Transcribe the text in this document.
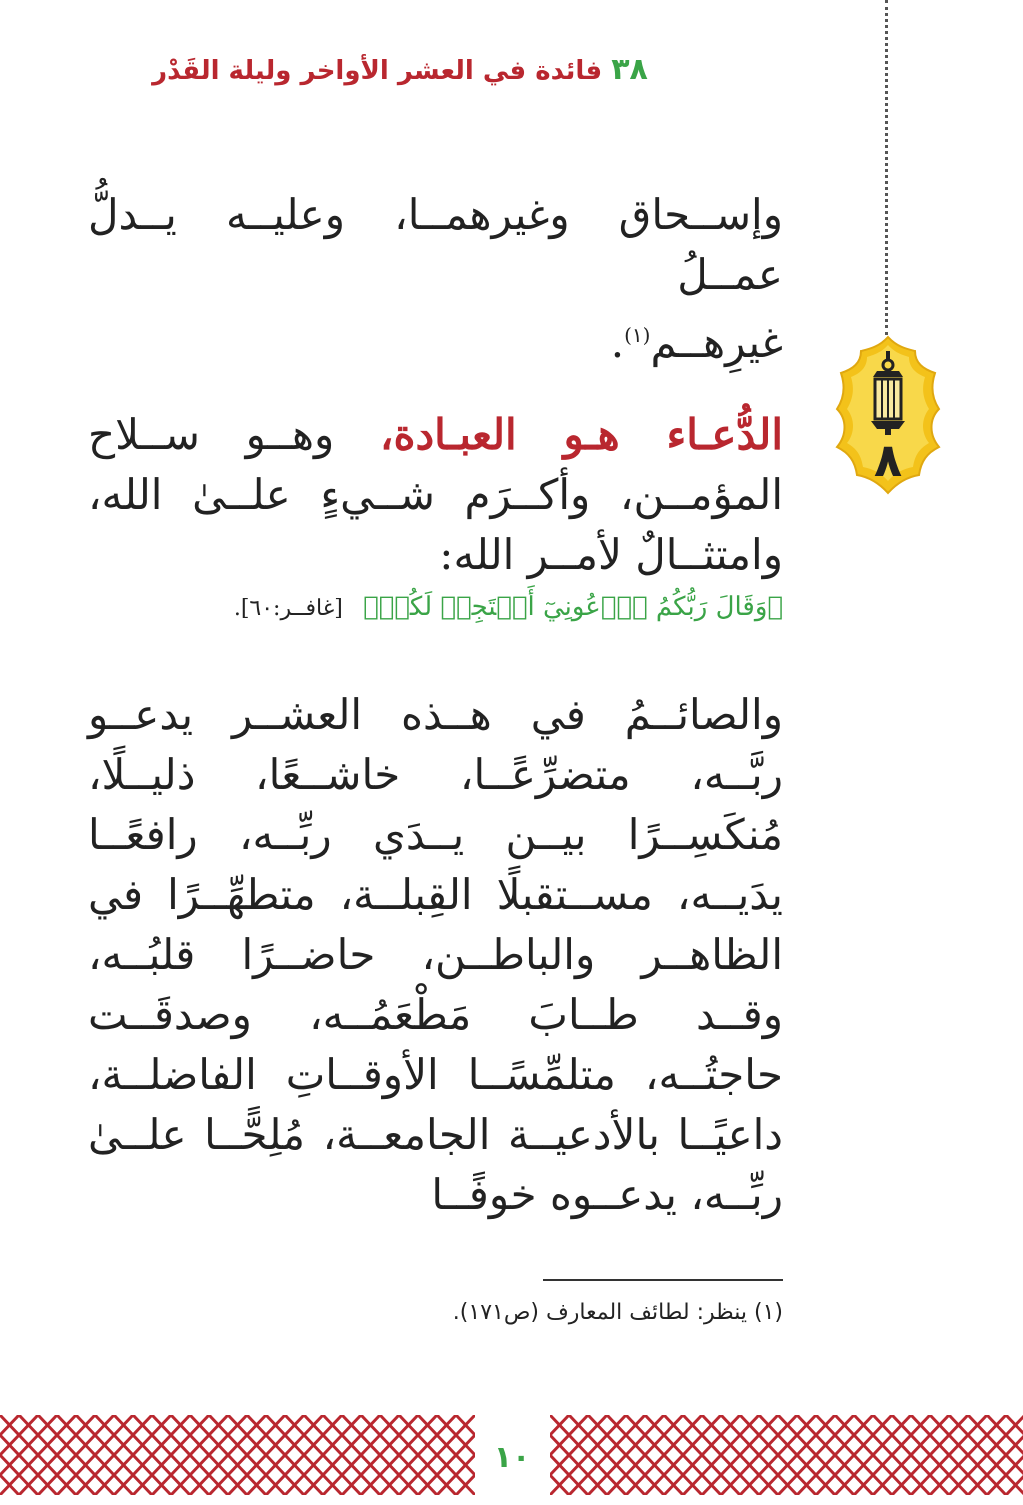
٣٨ فائدة في العشر الأواخر وليلة القَدْر
٨
وإســحاق وغيرهمــا، وعليــه يــدلُّ عمــلُ
غيرِهــم$^{(١)}$.
الدُّعـاء هـو العبـادة، وهــو ســلاح المؤمــن، وأكــرَم شــيءٍ علــىٰ الله، وامتثــالٌ لأمــر الله:
﴿وَقَالَ رَبُّكُمُ ٱدۡعُونِيٓ أَسۡتَجِبۡ لَكُمۡ﴾ [غافــر:٦٠].
والصائــمُ في هــذه العشــر يدعــو ربَّــه، متضرِّعًــا، خاشــعًا، ذليــلًا، مُنكَسِــرًا بيــن يــدَي ربِّــه، رافعًــا يدَيــه، مســتقبلًا القِبلــة، متطهِّــرًا في الظاهــر والباطــن، حاضــرًا قلبُــه، وقــد طــابَ مَطْعَمُــه، وصدقَــت حاجتُــه، متلمِّسًــا الأوقــاتِ الفاضلــة، داعيًــا بالأدعيــة الجامعــة، مُلِحًّــا علــىٰ ربِّــه، يدعــوه خوفًــا
(١) ينظر: لطائف المعارف (ص١٧١).
١٠
